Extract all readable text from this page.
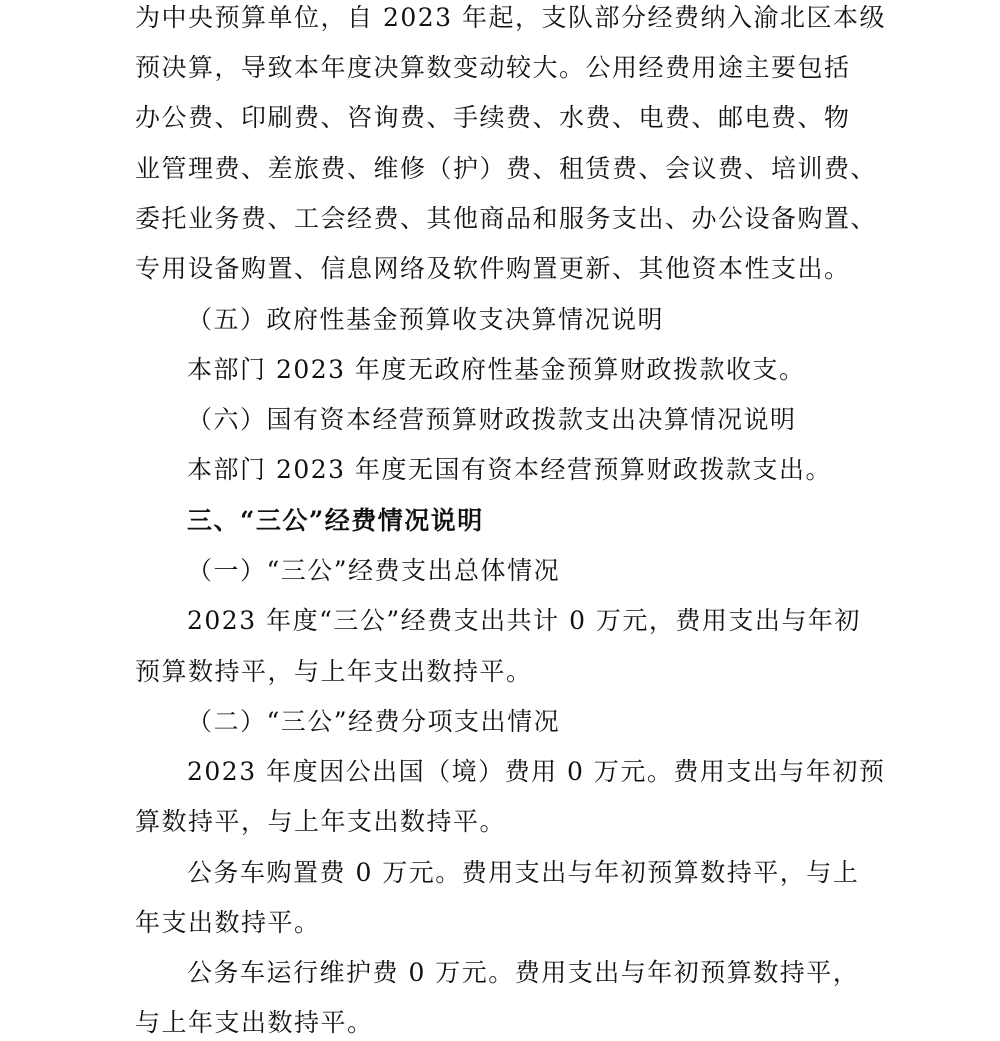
为中央预算单位，自 2023 年起，支队部分经费纳入渝北区本级
预决算，导致本年度决算数变动较大。公用经费用途主要包括
办公费、印刷费、咨询费、手续费、水费、电费、邮电费、物
业管理费、差旅费、维修（护）费、租赁费、会议费、培训费、
委托业务费、工会经费、其他商品和服务支出、办公设备购置、
专用设备购置、信息网络及软件购置更新、其他资本性支出。
（五）政府性基金预算收支决算情况说明
本部门 2023 年度无政府性基金预算财政拨款收支。
（六）国有资本经营预算财政拨款支出决算情况说明
本部门 2023 年度无国有资本经营预算财政拨款支出。
三、“三公”经费情况说明
（一）“三公”经费支出总体情况
2023 年度“三公”经费支出共计 0 万元，费用支出与年初
预算数持平，与上年支出数持平。
（二）“三公”经费分项支出情况
2023 年度因公出国（境）费用 0 万元。费用支出与年初预
算数持平，与上年支出数持平。
公务车购置费 0 万元。费用支出与年初预算数持平，与上
年支出数持平。
公务车运行维护费 0 万元。费用支出与年初预算数持平，
与上年支出数持平。
